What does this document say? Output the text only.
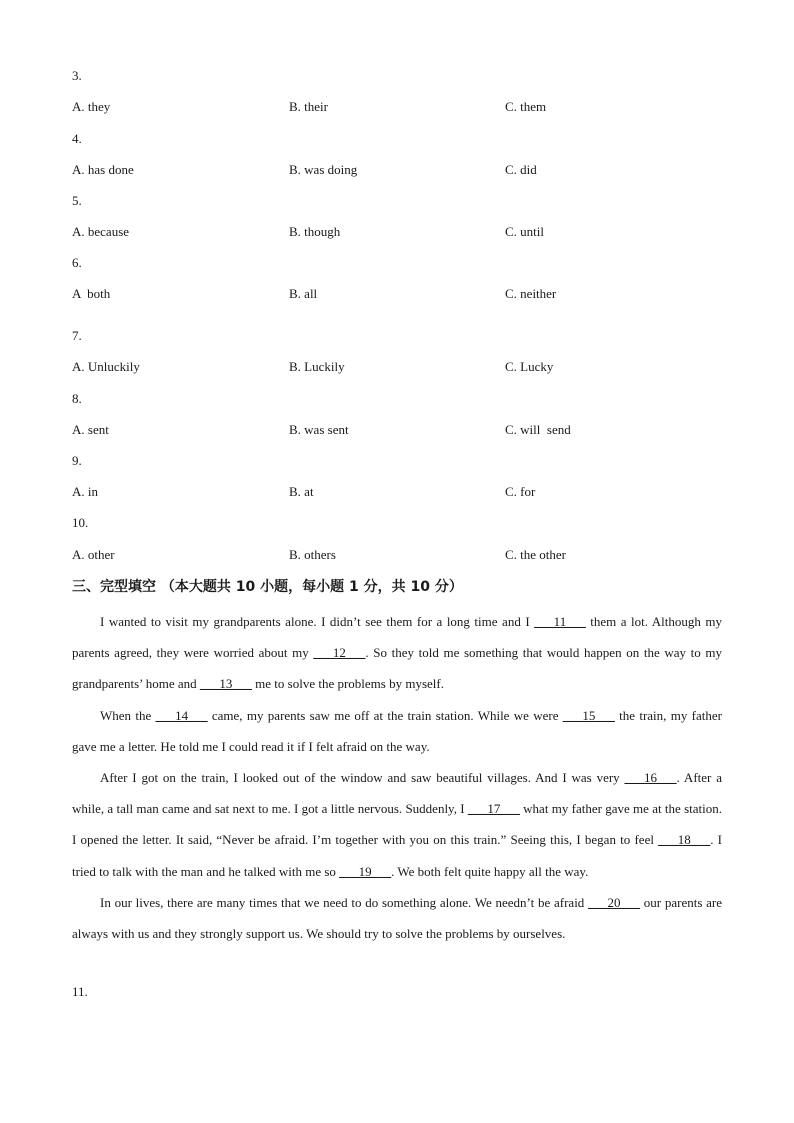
3.
A. they	B. their	C. them
4.
A. has done	B. was doing	C. did
5.
A. because	B. though	C. until
6.
A  both	B. all	C. neither
7.
A. Unluckily	B. Luckily	C. Lucky
8.
A. sent	B. was sent	C. will  send
9.
A. in	B. at	C. for
10.
A. other	B. others	C. the other
三、完型填空 （本大题共 10 小题，每小题 1 分，共 10 分）

I wanted to visit my grandparents alone. I didn’t see them for a long time and I ___11___ them a lot. Although my parents agreed, they were worried about my ___12___. So they told me something that would happen on the way to my grandparents’ home and ___13___ me to solve the problems by myself.

When the ___14___ came, my parents saw me off at the train station. While we were ___15___ the train, my father gave me a letter. He told me I could read it if I felt afraid on the way.

After I got on the train, I looked out of the window and saw beautiful villages. And I was very ___16___. After a while, a tall man came and sat next to me. I got a little nervous. Suddenly, I ___17___ what my father gave me at the station. I opened the letter. It said, “Never be afraid. I’m together with you on this train.” Seeing this, I began to feel ___18___. I tried to talk with the man and he talked with me so ___19___. We both felt quite happy all the way.

In our lives, there are many times that we need to do something alone. We needn’t be afraid ___20___ our parents are always with us and they strongly support us. We should try to solve the problems by ourselves.

11.
